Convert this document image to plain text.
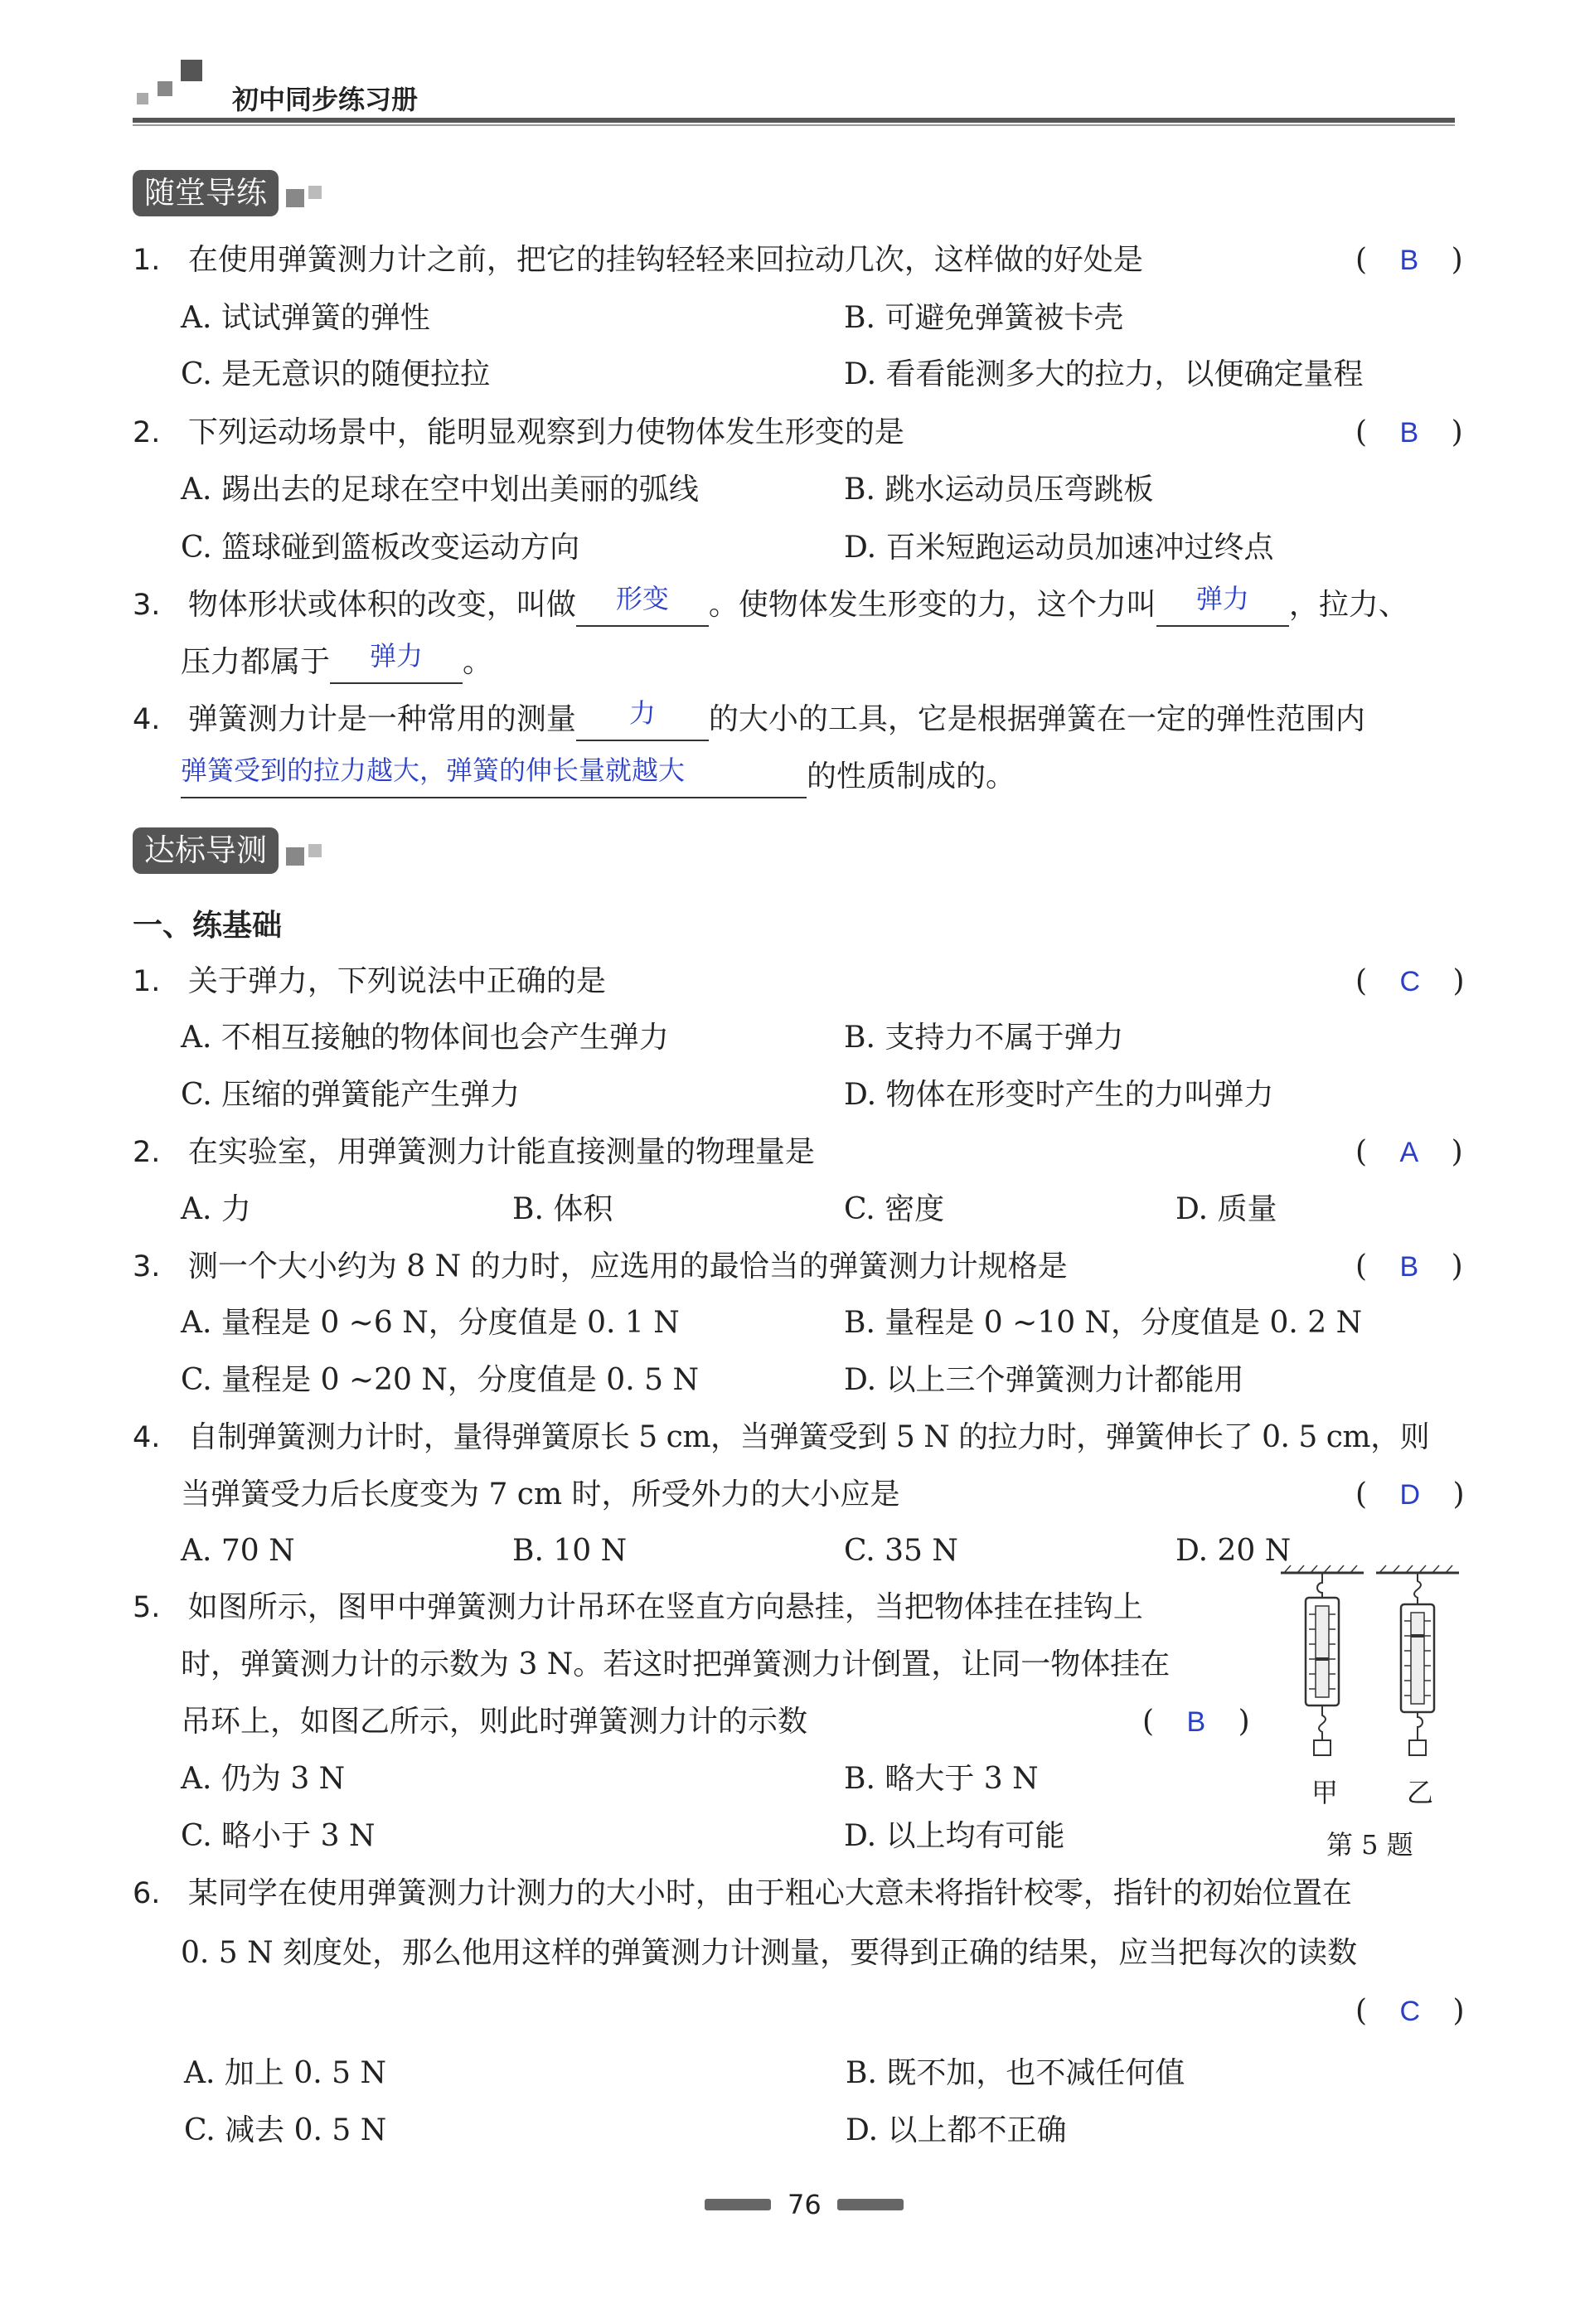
初中同步练习册
随堂导练
1. 在使用弹簧测力计之前，把它的挂钩轻轻来回拉动几次，这样做的好处是	( B )
A. 试试弹簧的弹性	B. 可避免弹簧被卡壳
C. 是无意识的随便拉拉	D. 看看能测多大的拉力，以便确定量程
2. 下列运动场景中，能明显观察到力使物体发生形变的是	( B )
A. 踢出去的足球在空中划出美丽的弧线	B. 跳水运动员压弯跳板
C. 篮球碰到篮板改变运动方向	D. 百米短跑运动员加速冲过终点
3. 物体形状或体积的改变，叫做 形变 。使物体发生形变的力，这个力叫 弹力 ，拉力、
压力都属于 弹力 。
4. 弹簧测力计是一种常用的测量 力 的大小的工具，它是根据弹簧在一定的弹性范围内
弹簧受到的拉力越大，弹簧的伸长量就越大	的性质制成的。
达标导测
一、练基础
1. 关于弹力，下列说法中正确的是	( C )
A. 不相互接触的物体间也会产生弹力	B. 支持力不属于弹力
C. 压缩的弹簧能产生弹力	D. 物体在形变时产生的力叫弹力
2. 在实验室，用弹簧测力计能直接测量的物理量是	( A )
A. 力	B. 体积	C. 密度	D. 质量
3. 测一个大小约为 8 N 的力时，应选用的最恰当的弹簧测力计规格是	( B )
A. 量程是 0 ~6 N，分度值是 0. 1 N	B. 量程是 0 ~10 N，分度值是 0. 2 N
C. 量程是 0 ~20 N，分度值是 0. 5 N	D. 以上三个弹簧测力计都能用
4. 自制弹簧测力计时，量得弹簧原长 5 cm，当弹簧受到 5 N 的拉力时，弹簧伸长了 0. 5 cm，则
当弹簧受力后长度变为 7 cm 时，所受外力的大小应是	( D )
A. 70 N	B. 10 N	C. 35 N	D. 20 N
5. 如图所示，图甲中弹簧测力计吊环在竖直方向悬挂，当把物体挂在挂钩上
时，弹簧测力计的示数为 3 N。若这时把弹簧测力计倒置，让同一物体挂在
吊环上，如图乙所示，则此时弹簧测力计的示数	( B )
A. 仍为 3 N	B. 略大于 3 N
C. 略小于 3 N	D. 以上均有可能
甲	乙
第 5 题
6. 某同学在使用弹簧测力计测力的大小时，由于粗心大意未将指针校零，指针的初始位置在
0. 5 N 刻度处，那么他用这样的弹簧测力计测量，要得到正确的结果，应当把每次的读数
( C )
A. 加上 0. 5 N	B. 既不加，也不减任何值
C. 减去 0. 5 N	D. 以上都不正确
76
